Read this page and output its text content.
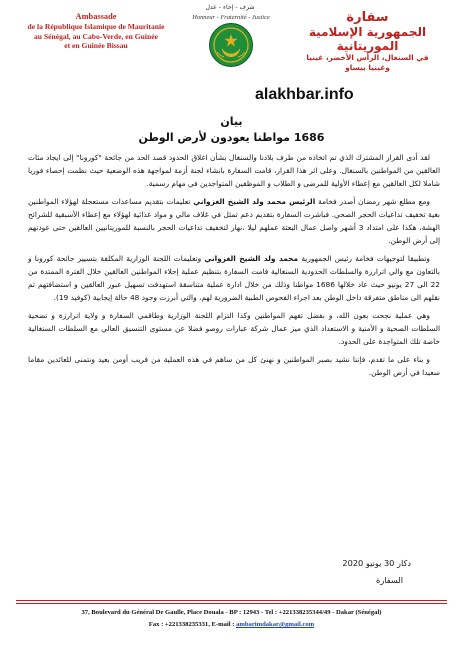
Ambassade
de la République Islamique de Mauritanie
au Sénégal, au Cabo-Verde, en Guinée
et en Guinée Bissau
شرف - إخاء - عدل
Honneur - Fraternité - Justice	سفارة
الجمهورية الإسلامية الموريتانية
في السنغال، الرأس الأخضر، غينيا
وغينيا بيساو
alakhbar.info
بيان
1686 مواطنا يعودون لأرض الوطن

لقد أدى القرار المشترك الذي تم اتخاذه من طرف بلادنا والسنغال بشأن اغلاق الحدود قصد الحد من جائحة "كورونا" إلى ايجاد مئات العالقين من المواطنين بالسنغال. وعلى اثر هذا القرار، قامت السفارة بانشاء لجنة أزمة لمواجهة هذه الوضعية حيث نظمت إحصاء فوريا شاملا لكل العالقين مع إعطاء الأولية للمرضى و الطلاب و الموظفين المتواجدين في مهام رسمية.

ومع مطلع شهر رمضان أصدر فخامة الرئيس محمد ولد الشيخ الغزواني تعليمات بتقديم مساعدات مستعجلة لهؤلاء المواطنين بغية تخفيف تداعيات الحجر الصحي. فباشرت السفارة بتقديم دعم تمثل في غلاف مالي و مواد غذائية لهؤلاء مع إعطاء الأسبقية للشرائح الهشة، هكذا على امتداد 3 أشهر واصل عمال البعثة عملهم ليلا ،نهار لتخفيف تداعيات الحجر بالنسبة للموريتانيين العالقين حتى عودتهم إلى أرض الوطن.

وتطبيقا لتوجيهات فخامة رئيس الجمهورية محمد ولد الشيخ الغزواني وتعليمات اللجنة الوزارية المكلفة بتسيير جائحة كورونا و بالتعاون مع والي اترارزة والسلطات الحدودية السنغالية قامت السفارة بتنظيم عملية إجلاء المواطنين العالقين خلال الفترة الممتدة من 22 الى 27 يونيو حيث عاد خلالها 1686 مواطنا وذلك من خلال ادارة عملية متناسقة استهدفت تسهيل عبور العالقين و استضافتهم ثم نقلهم الى مناطق متفرقة داخل الوطن بعد اجراء الفحوص الطبية الضرورية لهم، والتي أبرزت وجود 48 حالة إيجابية (كوفيد 19).

وهي عملية نجحت بعون الله، و بفضل تفهم المواطنين وكذا التزام اللجنة الوزارية وطاقمي السفارة و ولاية اترارزة و تضحية السلطات الصحية و الأمنية و الاستعداد الذي ميز عمال شركة عبارات روصو فضلا عن مستوى التنسيق العالي مع السلطات السنغالية خاصة تلك المتواجدة على الحدود.

و بناء على ما تقدم، فإننا نشيد بصبر المواطنين و نهنئ كل من ساهم في هذه العملية من قريب أومن بعيد ونتمنى للعائدين مقاما سعيدا في أرض الوطن.

دكار 30 يونيو 2020
السفارة
37, Boulevard du Général De Gaulle, Place Douala - BP : 12943 - Tel : +221338235344/49 - Dakar (Sénégal)
Fax : +221338235331, E-mail : ambarimdakar@gmail.com
